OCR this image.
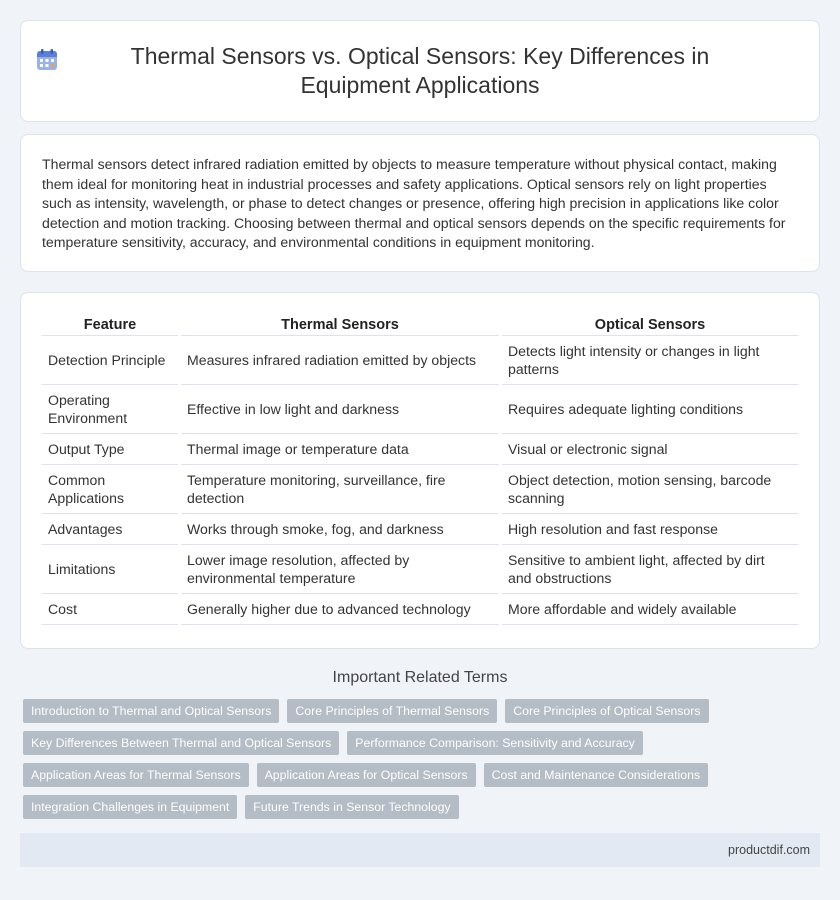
Thermal Sensors vs. Optical Sensors: Key Differences in Equipment Applications

Thermal sensors detect infrared radiation emitted by objects to measure temperature without physical contact, making them ideal for monitoring heat in industrial processes and safety applications. Optical sensors rely on light properties such as intensity, wavelength, or phase to detect changes or presence, offering high precision in applications like color detection and motion tracking. Choosing between thermal and optical sensors depends on the specific requirements for temperature sensitivity, accuracy, and environmental conditions in equipment monitoring.

Feature	Thermal Sensors	Optical Sensors
Detection Principle	Measures infrared radiation emitted by objects	Detects light intensity or changes in light patterns
Operating Environment	Effective in low light and darkness	Requires adequate lighting conditions
Output Type	Thermal image or temperature data	Visual or electronic signal
Common Applications	Temperature monitoring, surveillance, fire detection	Object detection, motion sensing, barcode scanning
Advantages	Works through smoke, fog, and darkness	High resolution and fast response
Limitations	Lower image resolution, affected by environmental temperature	Sensitive to ambient light, affected by dirt and obstructions
Cost	Generally higher due to advanced technology	More affordable and widely available
Important Related Terms
Introduction to Thermal and Optical Sensors	Core Principles of Thermal Sensors	Core Principles of Optical Sensors
Key Differences Between Thermal and Optical Sensors	Performance Comparison: Sensitivity and Accuracy
Application Areas for Thermal Sensors	Application Areas for Optical Sensors	Cost and Maintenance Considerations
Integration Challenges in Equipment	Future Trends in Sensor Technology
productdif.com
